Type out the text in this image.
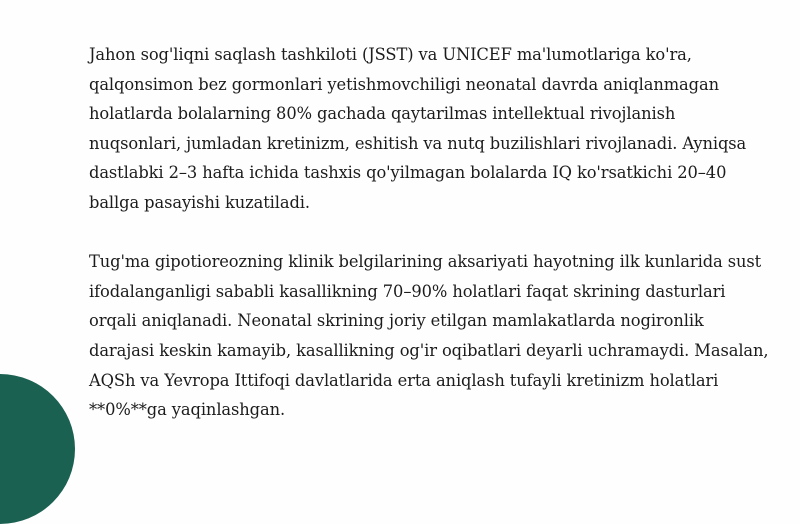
Jahon sog'liqni saqlash tashkiloti (JSST) va UNICEF ma'lumotlariga ko'ra, qalqonsimon bez gormonlari yetishmovchiligi neonatal davrda aniqlanmagan holatlarda bolalarning 80% gachada qaytarilmas intellektual rivojlanish nuqsonlari, jumladan kretinizm, eshitish va nutq buzilishlari rivojlanadi. Ayniqsa dastlabki 2–3 hafta ichida tashxis qo'yilmagan bolalarda IQ ko'rsatkichi 20–40 ballga pasayishi kuzatiladi.

Tug'ma gipotioreozning klinik belgilarining aksariyati hayotning ilk kunlarida sust ifodalanganligi sababli kasallikning 70–90% holatlari faqat skrining dasturlari orqali aniqlanadi. Neonatal skrining joriy etilgan mamlakatlarda nogironlik darajasi keskin kamayib, kasallikning og'ir oqibatlari deyarli uchramaydi. Masalan, AQSh va Yevropa Ittifoqi davlatlarida erta aniqlash tufayli kretinizm holatlari **0%**ga yaqinlashgan.
